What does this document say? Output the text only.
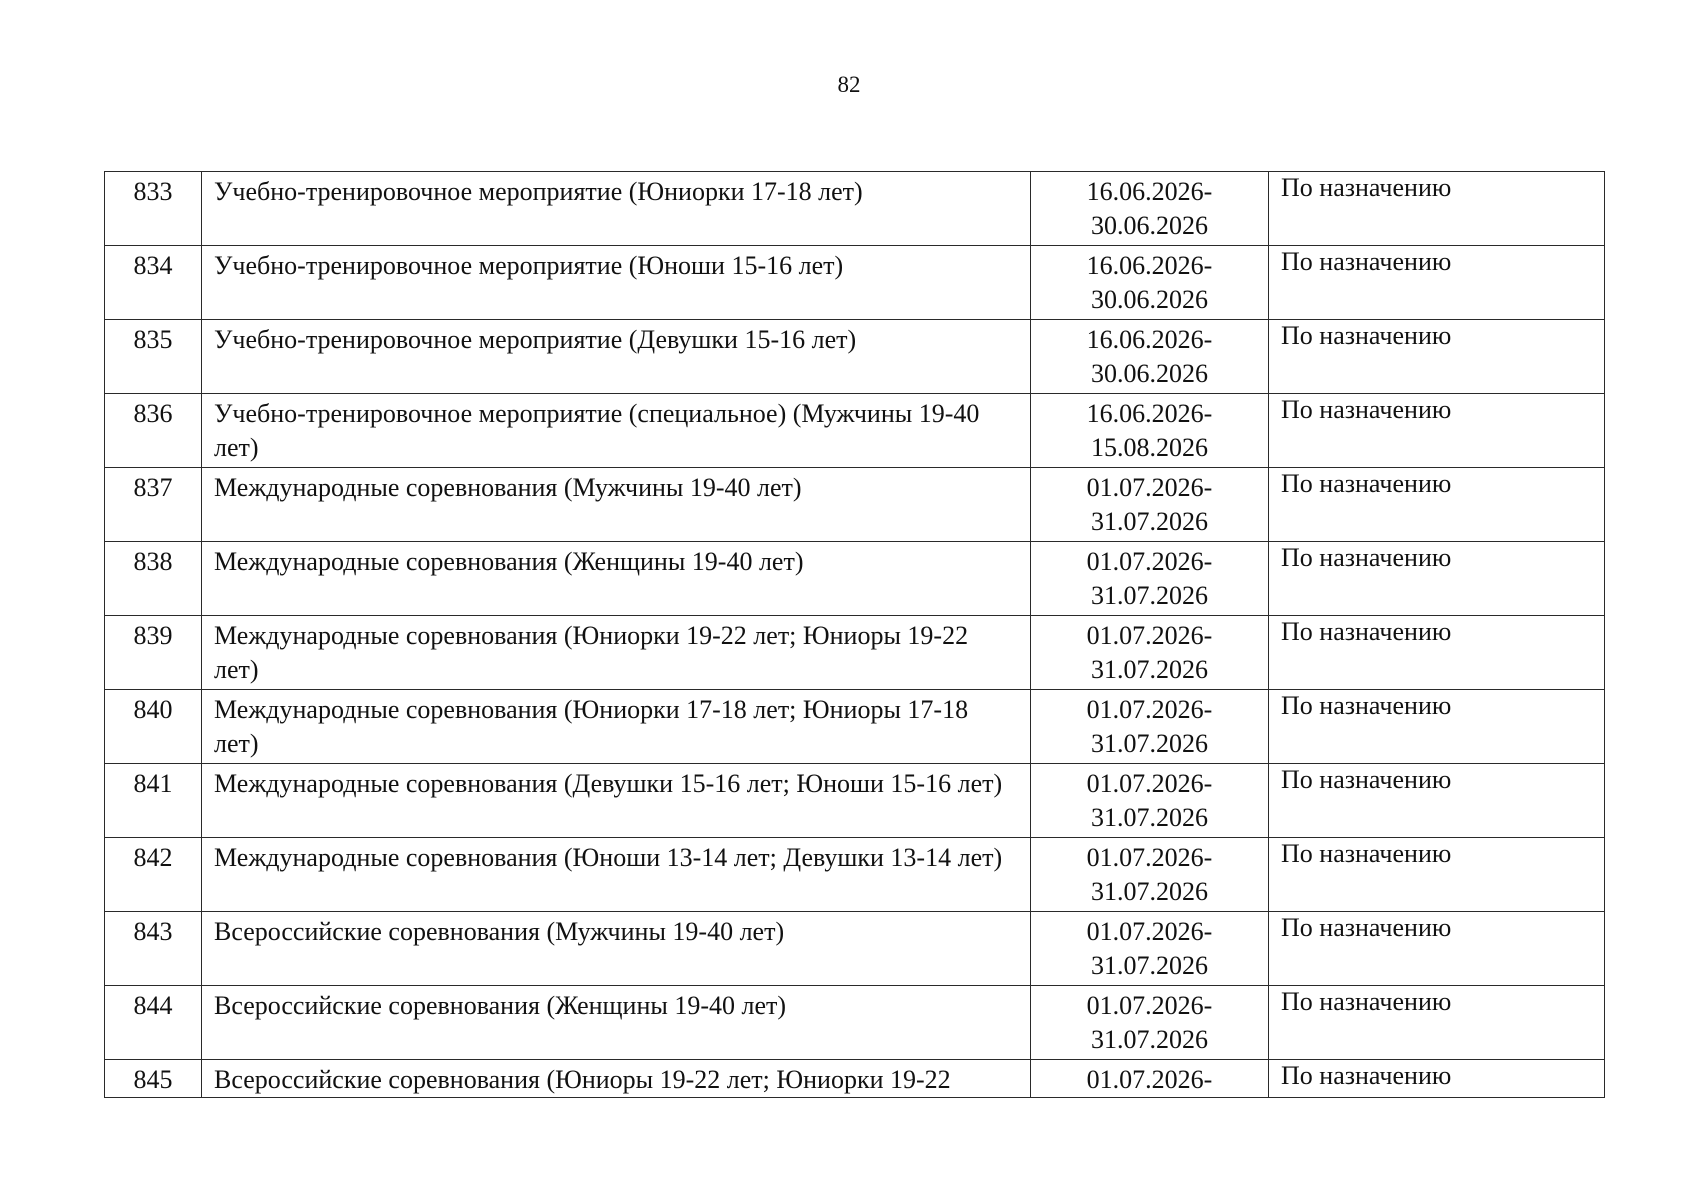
82
833	Учебно-тренировочное мероприятие (Юниорки 17-18 лет)	16.06.2026-
30.06.2026	По назначению
834	Учебно-тренировочное мероприятие (Юноши 15-16 лет)	16.06.2026-
30.06.2026	По назначению
835	Учебно-тренировочное мероприятие (Девушки 15-16 лет)	16.06.2026-
30.06.2026	По назначению
836	Учебно-тренировочное мероприятие (специальное) (Мужчины 19-40 лет)	16.06.2026-
15.08.2026	По назначению
837	Международные соревнования (Мужчины 19-40 лет)	01.07.2026-
31.07.2026	По назначению
838	Международные соревнования (Женщины 19-40 лет)	01.07.2026-
31.07.2026	По назначению
839	Международные соревнования (Юниорки 19-22 лет; Юниоры 19-22 лет)	01.07.2026-
31.07.2026	По назначению
840	Международные соревнования (Юниорки 17-18 лет; Юниоры 17-18 лет)	01.07.2026-
31.07.2026	По назначению
841	Международные соревнования (Девушки 15-16 лет; Юноши 15-16 лет)	01.07.2026-
31.07.2026	По назначению
842	Международные соревнования (Юноши 13-14 лет; Девушки 13-14 лет)	01.07.2026-
31.07.2026	По назначению
843	Всероссийские соревнования (Мужчины 19-40 лет)	01.07.2026-
31.07.2026	По назначению
844	Всероссийские соревнования (Женщины 19-40 лет)	01.07.2026-
31.07.2026	По назначению
845	Всероссийские соревнования (Юниоры 19-22 лет; Юниорки 19-22	01.07.2026-	По назначению
